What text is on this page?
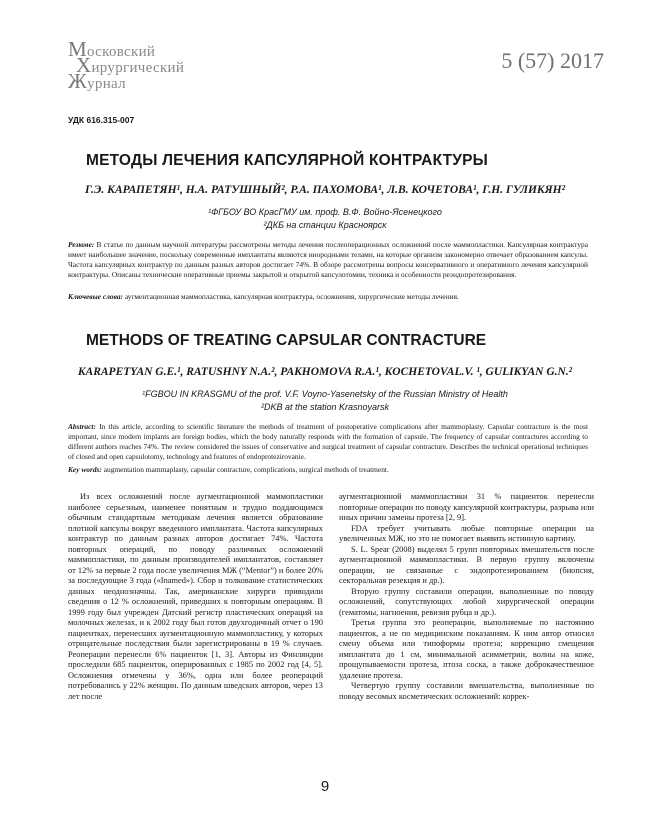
Московский
Хирургический
Журнал
5 (57) 2017
УДК 616.315-007
МЕТОДЫ ЛЕЧЕНИЯ КАПСУЛЯРНОЙ КОНТРАКТУРЫ
Г.Э. КАРАПЕТЯН¹, Н.А. РАТУШНЫЙ², Р.А. ПАХОМОВА¹, Л.В. КОЧЕТОВА¹, Г.Н. ГУЛИКЯН²
¹ФГБОУ ВО КрасГМУ им. проф. В.Ф. Войно-Ясенецкого
²ДКБ на станции Красноярск
Резюме: В статье по данным научной литературы рассмотрены методы лечения послеоперационных осложнений после маммопластики. Капсулярная контрактура имеет наибольшее значение, поскольку современные имплантаты являются инородными телами, на которые организм закономерно отвечает образованием капсулы. Частота капсулярных контрактур по данным разных авторов достигает 74%. В обзоре рассмотрены вопросы консервативного и оперативного лечения капсулярной контрактуры. Описаны технические оперативные приемы закрытой и открытой капсулотомии, техника и особенности реэндопротезирования.
Ключевые слова: аугментационная маммопластика, капсулярная контрактура, осложнения, хирургические методы лечения.
METHODS OF TREATING CAPSULAR CONTRACTURE
KARAPETYAN G.E.¹, RATUSHNY N.A.², PAKHOMOVA R.A.¹, KOCHETOVAL.V. ¹, GULIKYAN G.N.²
¹FGBOU IN KRASGMU of the prof. V.F. Voyno-Yasenetsky of the Russian Ministry of Health
²DKB at the station Krasnoyarsk
Abstract: In this article, according to scientific literature the methods of treatment of postoperative complications after mammoplasty. Capsular contracture is the most important, since modern implants are foreign bodies, which the body naturally responds with the formation of capsule. The frequency of capsular contractures according to different authors reaches 74%. The review considered the issues of conservative and surgical treatment of capsular contracture. Describes the technical operational techniques of closed and open capsulotomy, technology and features of endoprotezirovanie.
Key words: augmentation mammaplasty, capsular contracture, complications, surgical methods of treatment.

Из всех осложнений после аугментационной маммопластики наиболее серьезным, наименее понятным и трудно поддающимся обычным стандартным методикам лечения является образование плотной капсулы вокруг введенного имплантата. Частота капсулярных контрактур по данным разных авторов достигает 74%. Частота повторных операций, по поводу различных осложнений маммопластики, по данным производителей имплантатов, составляет от 12% за первые 2 года после увеличения МЖ (“Mentor”) и более 20% за последующие 3 года («Inamed»). Сбор и толкование статистических данных неоднозначны. Так, американские хирурги приводили сведения о 12 % осложнений, приведших к повторным операциям. В 1999 году был учрежден Датский регистр пластических операций на молочных железах, и к 2002 году был готов двухгодичный отчет о 190 пациентках, перенесших аугментационную маммопластику, у которых отрицательные последствия были зарегистрированы в 19 % случаев. Реоперации перенесли 6% пациенток [1, 3]. Авторы из Финляндии проследили 685 пациенток, оперированных с 1985 по 2002 год [4, 5]. Осложнения отмечены у 36%, одна или более реопераций потребовались у 22% женщин. По данным шведских авторов, через 13 лет после

аугментационной маммопластики 31 % пациенток перенесли повторные операции по поводу капсулярной контрактуры, разрыва или иных причин замены протеза [2, 9].

FDA требует учитывать любые повторные операции на увеличенных МЖ, но это не помогает выявить истинную картину.

S. L. Spear (2008) выделял 5 групп повторных вмешательств после аугментационной маммопластики. В первую группу включены операции, не связанные с эндопротезированием (биопсия, секторальная резекция и др.).

Вторую группу составили операции, выполненные по поводу осложнений, сопутствующих любой хирургической операции (гематомы, нагноения, ревизия рубца и др.).

Третья группа это реоперации, выполняемые по настоянию пациенток, а не по медицинским показаниям. К ним автор относил смену объема или типоформы протеза; коррекцию смещения имплантата до 1 см, минимальной асимметрии, волны на коже, прощупываемости протеза, птоза соска, а также доброкачественное удаление протеза.

Четвертую группу составили вмешательства, выполненные по поводу весомых косметических осложнений: коррек-

9
